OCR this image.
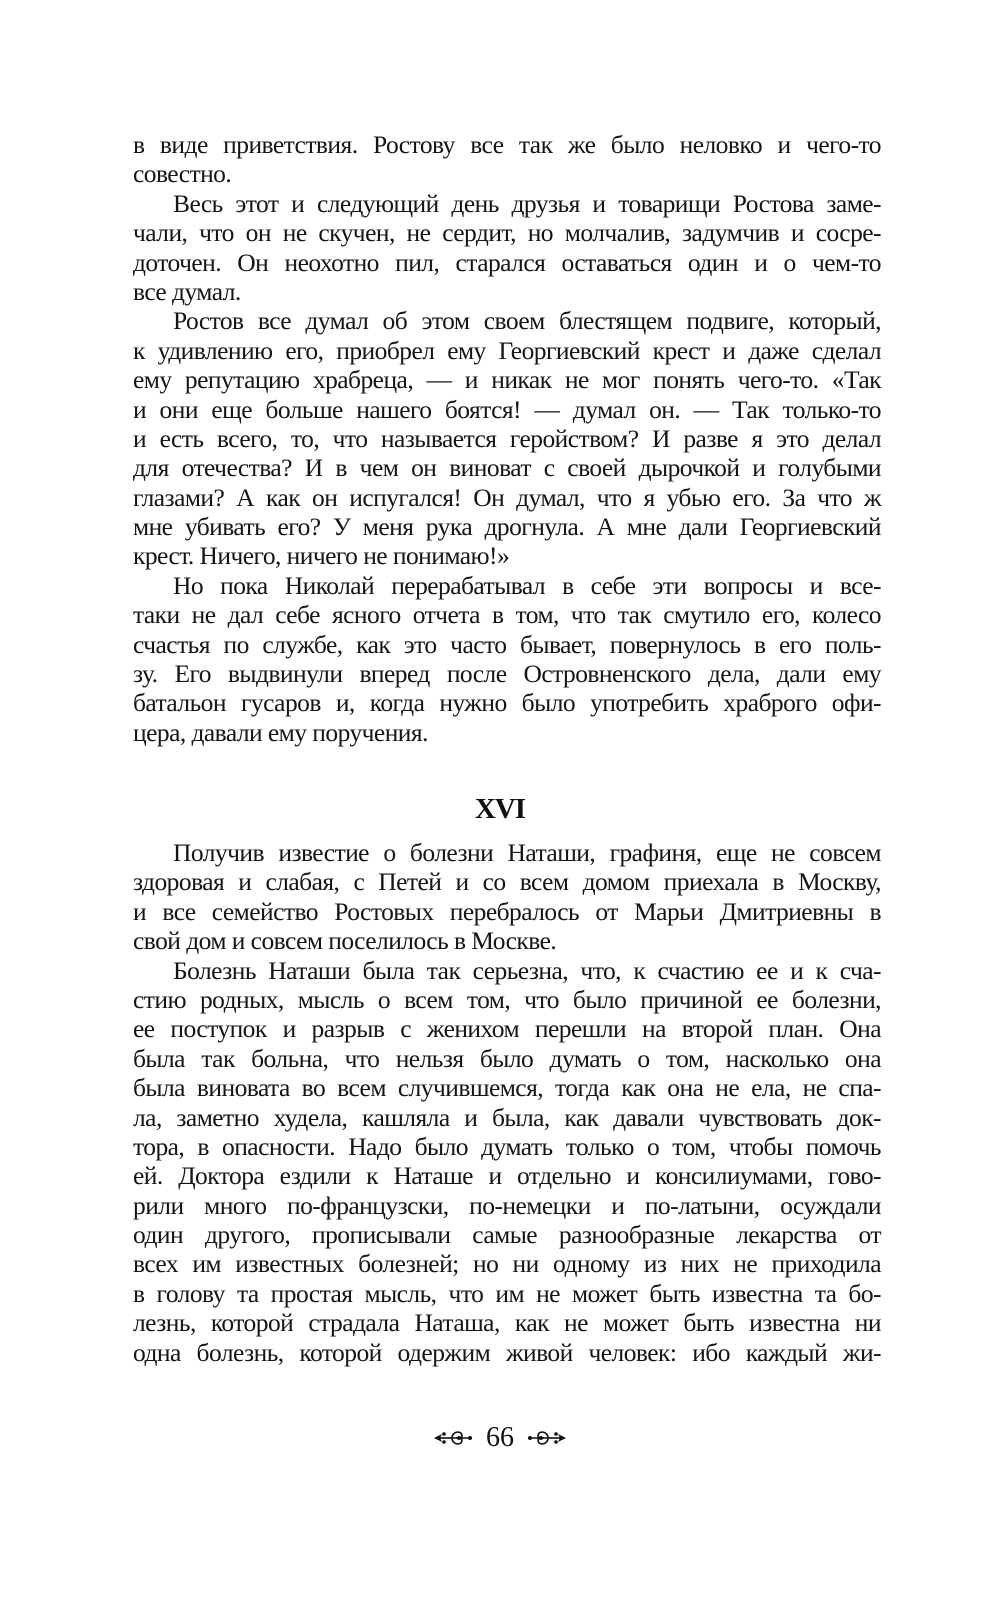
в виде приветствия. Ростову все так же было неловко и чего-то
совестно.
Весь этот и следующий день друзья и товарищи Ростова заме-
чали, что он не скучен, не сердит, но молчалив, задумчив и сосре-
доточен. Он неохотно пил, старался оставаться один и о чем-то
все думал.
Ростов все думал об этом своем блестящем подвиге, который,
к удивлению его, приобрел ему Георгиевский крест и даже сделал
ему репутацию храбреца, — и никак не мог понять чего-то. «Так
и они еще больше нашего боятся! — думал он. — Так только-то
и есть всего, то, что называется геройством? И разве я это делал
для отечества? И в чем он виноват с своей дырочкой и голубыми
глазами? А как он испугался! Он думал, что я убью его. За что ж
мне убивать его? У меня рука дрогнула. А мне дали Георгиевский
крест. Ничего, ничего не понимаю!»
Но пока Николай перерабатывал в себе эти вопросы и все-
таки не дал себе ясного отчета в том, что так смутило его, колесо
счастья по службе, как это часто бывает, повернулось в его поль-
зу. Его выдвинули вперед после Островненского дела, дали ему
батальон гусаров и, когда нужно было употребить храброго офи-
цера, давали ему поручения.
XVI
Получив известие о болезни Наташи, графиня, еще не совсем
здоровая и слабая, с Петей и со всем домом приехала в Москву,
и все семейство Ростовых перебралось от Марьи Дмитриевны в
свой дом и совсем поселилось в Москве.
Болезнь Наташи была так серьезна, что, к счастию ее и к сча-
стию родных, мысль о всем том, что было причиной ее болезни,
ее поступок и разрыв с женихом перешли на второй план. Она
была так больна, что нельзя было думать о том, насколько она
была виновата во всем случившемся, тогда как она не ела, не спа-
ла, заметно худела, кашляла и была, как давали чувствовать док-
тора, в опасности. Надо было думать только о том, чтобы помочь
ей. Доктора ездили к Наташе и отдельно и консилиумами, гово-
рили много по-французски, по-немецки и по-латыни, осуждали
один другого, прописывали самые разнообразные лекарства от
всех им известных болезней; но ни одному из них не приходила
в голову та простая мысль, что им не может быть известна та бо-
лезнь, которой страдала Наташа, как не может быть известна ни
одна болезнь, которой одержим живой человек: ибо каждый жи-
66
